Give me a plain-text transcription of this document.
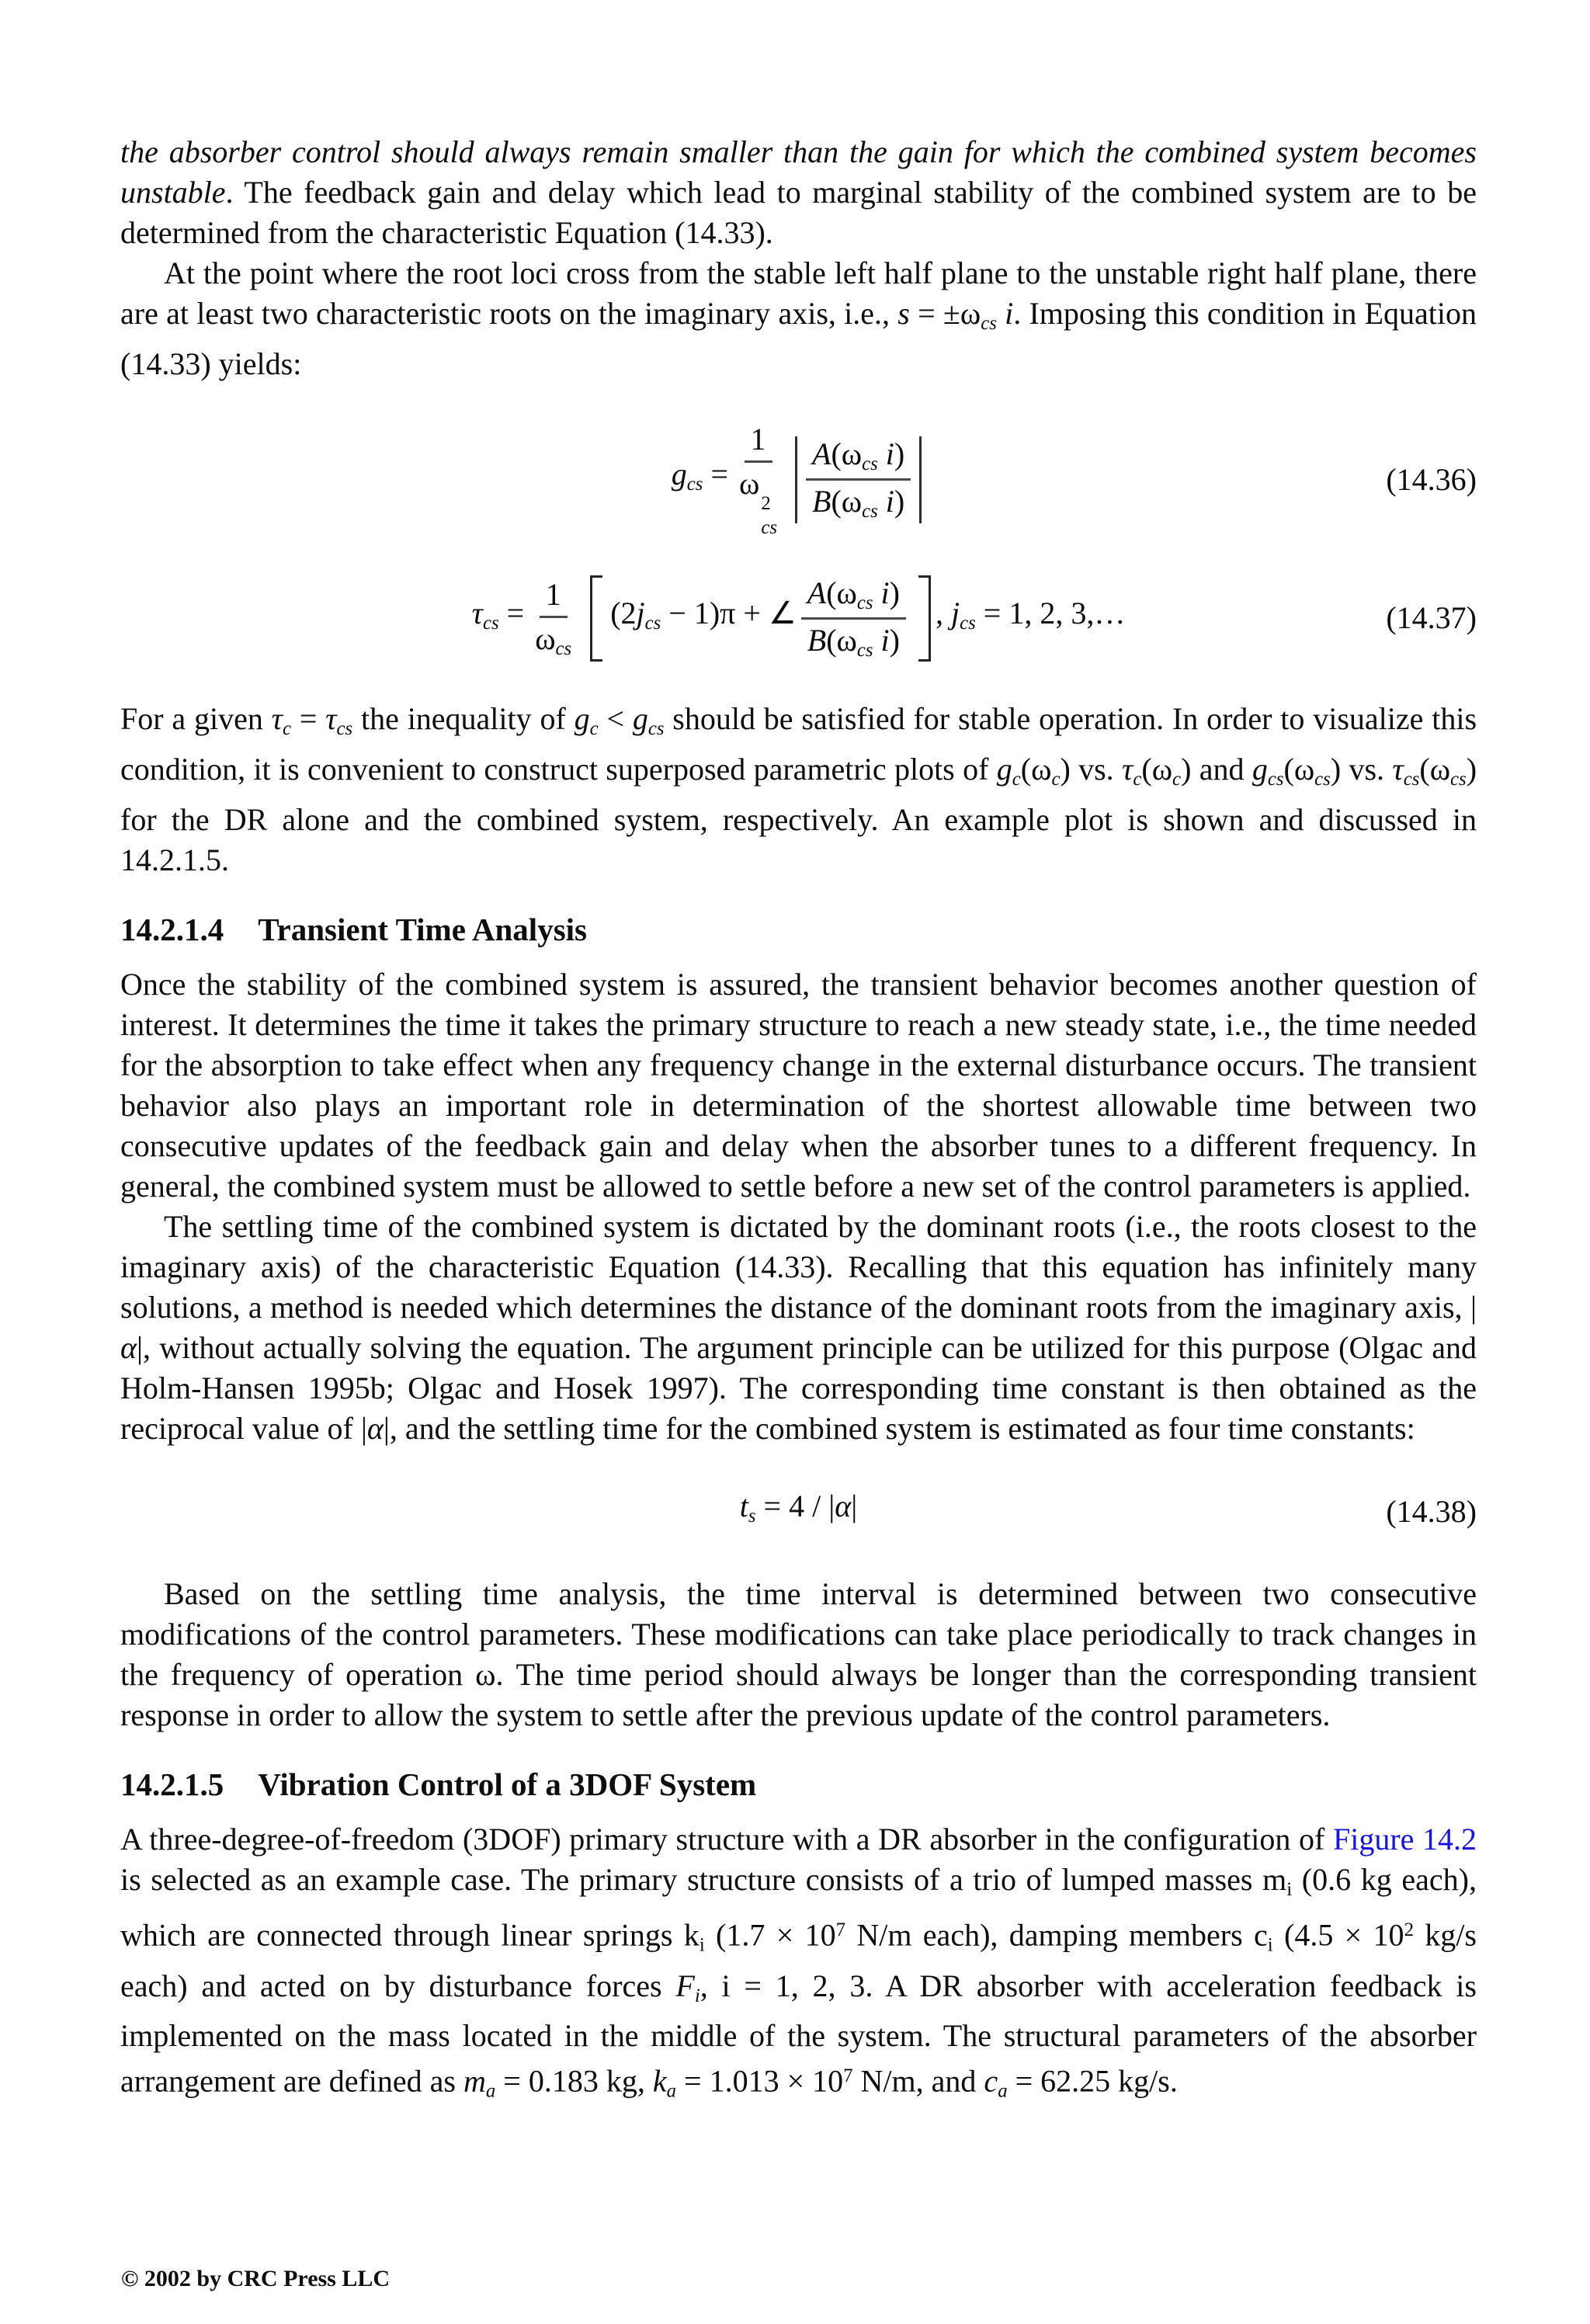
the absorber control should always remain smaller than the gain for which the combined system becomes unstable. The feedback gain and delay which lead to marginal stability of the combined system are to be determined from the characteristic Equation (14.33).

At the point where the root loci cross from the stable left half plane to the unstable right half plane, there are at least two characteristic roots on the imaginary axis, i.e., s = ±ωcs i. Imposing this condition in Equation (14.33) yields:

gcs = 1
ω
2
cs $\frac{\text{A(ωcs i)}}{\text{B(ωcs i)}}$	(14.36)
$\tau cs = \frac{1}{\text{ωcs}} (2jcs - 1)\pi$ + ∠ $\frac{\text{A(ωcs i)}}{\text{B(ωcs i)}}$ , jcs = 1, 2, 3,…	(14.37)

For a given τc = τcs the inequality of gc < gcs should be satisfied for stable operation. In order to visualize this condition, it is convenient to construct superposed parametric plots of gc(ωc) vs. τc(ωc) and gcs(ωcs) vs. τcs(ωcs) for the DR alone and the combined system, respectively. An example plot is shown and discussed in 14.2.1.5.

14.2.1.4 Transient Time Analysis

Once the stability of the combined system is assured, the transient behavior becomes another question of interest. It determines the time it takes the primary structure to reach a new steady state, i.e., the time needed for the absorption to take effect when any frequency change in the external disturbance occurs. The transient behavior also plays an important role in determination of the shortest allowable time between two consecutive updates of the feedback gain and delay when the absorber tunes to a different frequency. In general, the combined system must be allowed to settle before a new set of the control parameters is applied.

The settling time of the combined system is dictated by the dominant roots (i.e., the roots closest to the imaginary axis) of the characteristic Equation (14.33). Recalling that this equation has infinitely many solutions, a method is needed which determines the distance of the dominant roots from the imaginary axis, |α|, without actually solving the equation. The argument principle can be utilized for this purpose (Olgac and Holm-Hansen 1995b; Olgac and Hosek 1997). The corresponding time constant is then obtained as the reciprocal value of |α|, and the settling time for the combined system is estimated as four time constants:

ts = 4 / |α|	(14.38)

Based on the settling time analysis, the time interval is determined between two consecutive modifications of the control parameters. These modifications can take place periodically to track changes in the frequency of operation ω. The time period should always be longer than the corresponding transient response in order to allow the system to settle after the previous update of the control parameters.

14.2.1.5 Vibration Control of a 3DOF System

A three-degree-of-freedom (3DOF) primary structure with a DR absorber in the configuration of Figure 14.2 is selected as an example case. The primary structure consists of a trio of lumped masses mi (0.6 kg each), which are connected through linear springs ki ($1.7 \times 10^7$ N/m each), damping members ci ($4.5 \times 10^2$ kg/s each) and acted on by disturbance forces Fi, i = 1, 2, 3. A DR absorber with acceleration feedback is implemented on the mass located in the middle of the system. The structural parameters of the absorber arrangement are defined as ma = 0.183 kg, ka = $1.013 \times 10^7$ N/m, and ca = 62.25 kg/s.

© 2002 by CRC Press LLC
